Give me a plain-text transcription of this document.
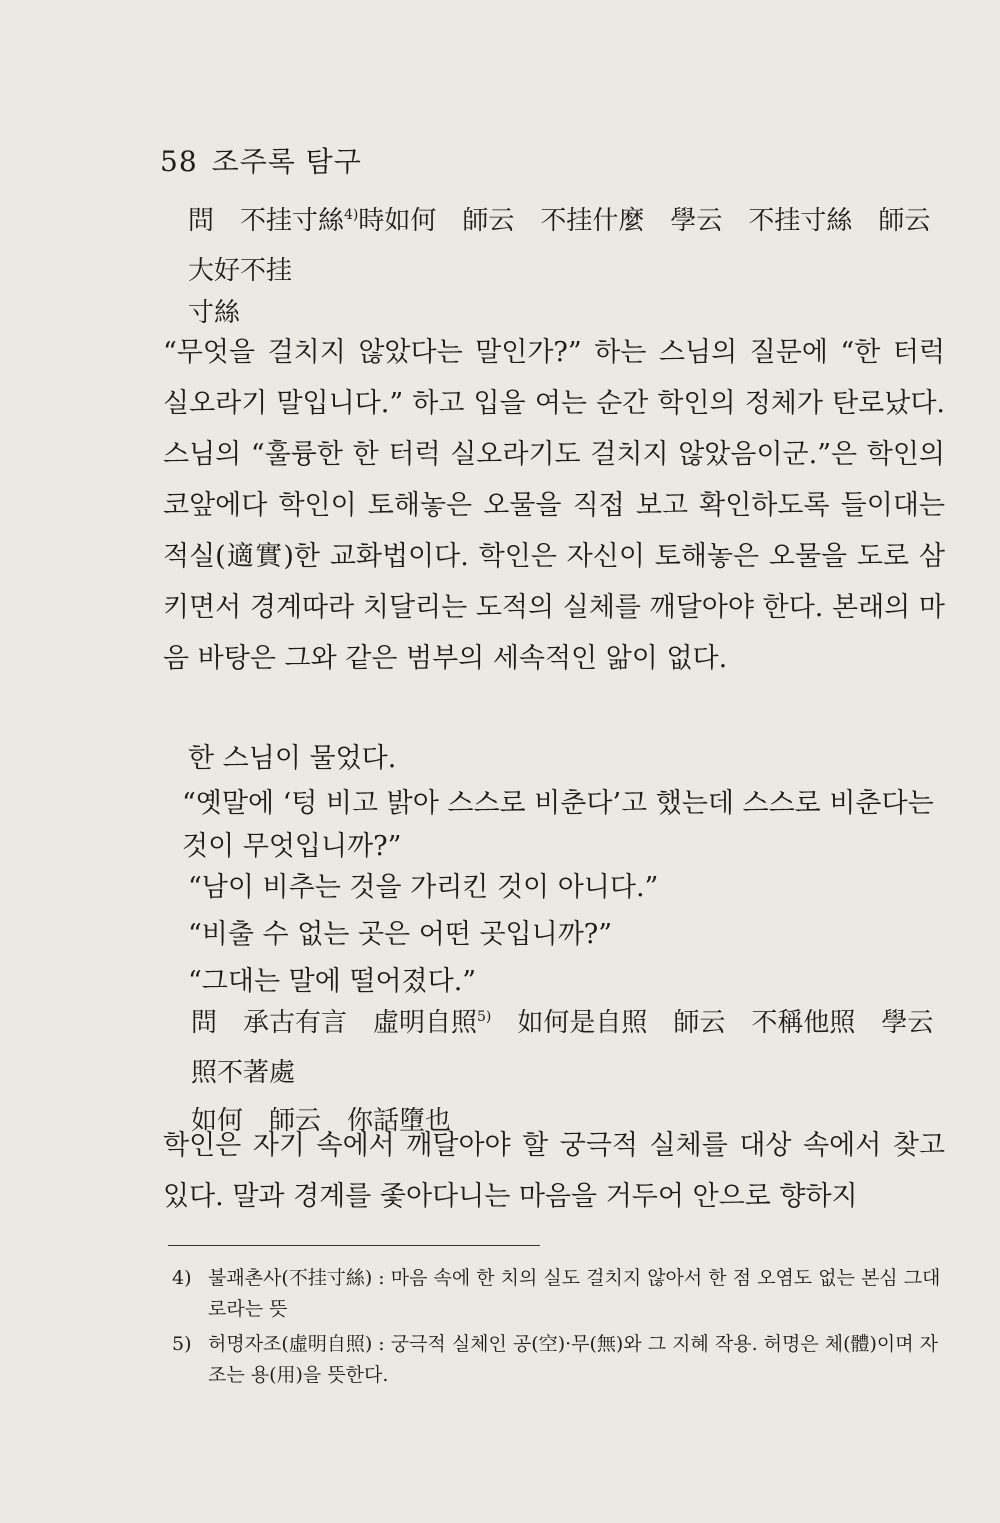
58 조주록 탐구
問　不挂寸絲$^{4)}$時如何　師云　不挂什麼　學云　不挂寸絲　師云　大好不挂
寸絲

“무엇을 걸치지 않았다는 말인가?” 하는 스님의 질문에 “한 터럭 실오라기 말입니다.” 하고 입을 여는 순간 학인의 정체가 탄로났다. 스님의 “훌륭한 한 터럭 실오라기도 걸치지 않았음이군.”은 학인의 코앞에다 학인이 토해놓은 오물을 직접 보고 확인하도록 들이대는 적실(適實)한 교화법이다. 학인은 자신이 토해놓은 오물을 도로 삼키면서 경계따라 치달리는 도적의 실체를 깨달아야 한다. 본래의 마음 바탕은 그와 같은 범부의 세속적인 앎이 없다.

한 스님이 물었다.

“옛말에 ‘텅 비고 밝아 스스로 비춘다’고 했는데 스스로 비춘다는 것이 무엇입니까?”

“남이 비추는 것을 가리킨 것이 아니다.”

“비출 수 없는 곳은 어떤 곳입니까?”

“그대는 말에 떨어졌다.”

問　承古有言　虛明自照$^{5)}$　如何是自照　師云　不稱他照　學云　照不著處
如何　師云　你話墮也

학인은 자기 속에서 깨달아야 할 궁극적 실체를 대상 속에서 찾고 있다. 말과 경계를 좇아다니는 마음을 거두어 안으로 향하지

4) 불괘촌사(不挂寸絲) : 마음 속에 한 치의 실도 걸치지 않아서 한 점 오염도 없는 본심 그대로라는 뜻
5) 허명자조(虛明自照) : 궁극적 실체인 공(空)·무(無)와 그 지혜 작용. 허명은 체(體)이며 자조는 용(用)을 뜻한다.
